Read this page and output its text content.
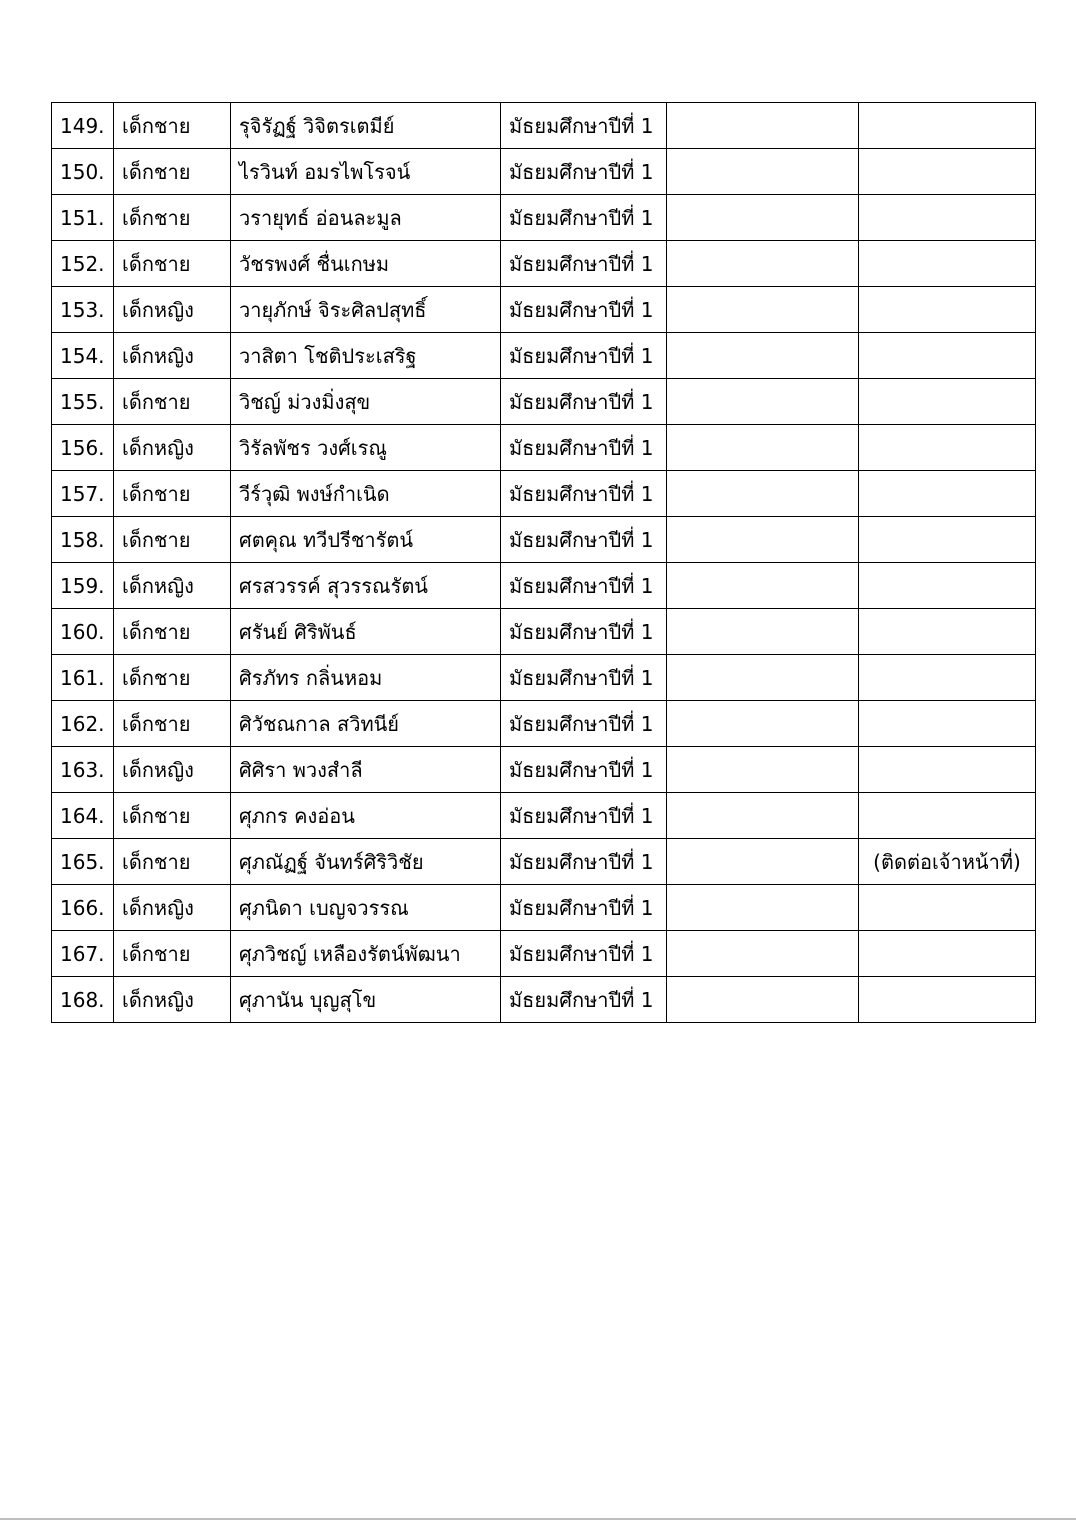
149.	เด็กชาย	รุจิรัฏฐ์ วิจิตรเตมีย์	มัธยมศึกษาปีที่ 1		
150.	เด็กชาย	ไรวินท์ อมรไพโรจน์	มัธยมศึกษาปีที่ 1		
151.	เด็กชาย	วรายุทธ์ อ่อนละมูล	มัธยมศึกษาปีที่ 1		
152.	เด็กชาย	วัชรพงศ์ ชื่นเกษม	มัธยมศึกษาปีที่ 1		
153.	เด็กหญิง	วายุภักษ์ จิระศิลปสุทธิ์	มัธยมศึกษาปีที่ 1		
154.	เด็กหญิง	วาสิตา โชติประเสริฐ	มัธยมศึกษาปีที่ 1		
155.	เด็กชาย	วิชญ์ ม่วงมิ่งสุข	มัธยมศึกษาปีที่ 1		
156.	เด็กหญิง	วิรัลพัชร วงศ์เรณู	มัธยมศึกษาปีที่ 1		
157.	เด็กชาย	วีร์วุฒิ พงษ์กำเนิด	มัธยมศึกษาปีที่ 1		
158.	เด็กชาย	ศตคุณ ทวีปรีชารัตน์	มัธยมศึกษาปีที่ 1		
159.	เด็กหญิง	ศรสวรรค์ สุวรรณรัตน์	มัธยมศึกษาปีที่ 1		
160.	เด็กชาย	ศรันย์ ศิริพันธ์	มัธยมศึกษาปีที่ 1		
161.	เด็กชาย	ศิรภัทร กลิ่นหอม	มัธยมศึกษาปีที่ 1		
162.	เด็กชาย	ศิวัชณกาล สวิทนีย์	มัธยมศึกษาปีที่ 1		
163.	เด็กหญิง	ศิศิรา พวงสำลี	มัธยมศึกษาปีที่ 1		
164.	เด็กชาย	ศุภกร คงอ่อน	มัธยมศึกษาปีที่ 1		
165.	เด็กชาย	ศุภณัฏฐ์ จันทร์ศิริวิชัย	มัธยมศึกษาปีที่ 1		(ติดต่อเจ้าหน้าที่)
166.	เด็กหญิง	ศุภนิดา เบญจวรรณ	มัธยมศึกษาปีที่ 1		
167.	เด็กชาย	ศุภวิชญ์ เหลืองรัตน์พัฒนา	มัธยมศึกษาปีที่ 1		
168.	เด็กหญิง	ศุภานัน บุญสุโข	มัธยมศึกษาปีที่ 1		
